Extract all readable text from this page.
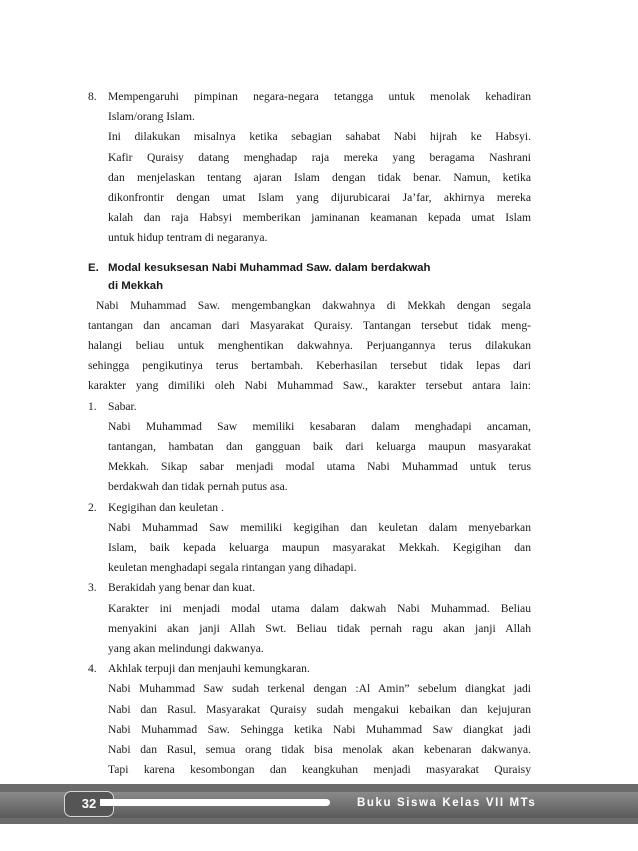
8. Mempengaruhi pimpinan negara-negara tetangga untuk menolak kehadiran
Islam/orang Islam.
Ini dilakukan misalnya ketika sebagian sahabat Nabi hijrah ke Habsyi.
Kafir Quraisy datang menghadap raja mereka yang beragama Nashrani
dan menjelaskan tentang ajaran Islam dengan tidak benar. Namun, ketika
dikonfrontir dengan umat Islam yang dijurubicarai Ja’far, akhirnya mereka
kalah dan raja Habsyi memberikan jaminanan keamanan kepada umat Islam
untuk hidup tentram di negaranya.
E. Modal kesuksesan Nabi Muhammad Saw. dalam berdakwah
di Mekkah
Nabi Muhammad Saw. mengembangkan dakwahnya di Mekkah dengan segala
tantangan dan ancaman dari Masyarakat Quraisy. Tantangan tersebut tidak meng-
halangi beliau untuk menghentikan dakwahnya. Perjuangannya terus dilakukan
sehingga pengikutinya terus bertambah. Keberhasilan tersebut tidak lepas dari
karakter yang dimiliki oleh Nabi Muhammad Saw., karakter tersebut antara lain:
1. Sabar.
Nabi Muhammad Saw memiliki kesabaran dalam menghadapi ancaman,
tantangan, hambatan dan gangguan baik dari keluarga maupun masyarakat
Mekkah. Sikap sabar menjadi modal utama Nabi Muhammad untuk terus
berdakwah dan tidak pernah putus asa.
2. Kegigihan dan keuletan .
Nabi Muhammad Saw memiliki kegigihan dan keuletan dalam menyebarkan
Islam, baik kepada keluarga maupun masyarakat Mekkah. Kegigihan dan
keuletan menghadapi segala rintangan yang dihadapi.
3. Berakidah yang benar dan kuat.
Karakter ini menjadi modal utama dalam dakwah Nabi Muhammad. Beliau
menyakini akan janji Allah Swt. Beliau tidak pernah ragu akan janji Allah
yang akan melindungi dakwanya.
4. Akhlak terpuji dan menjauhi kemungkaran.
Nabi Muhammad Saw sudah terkenal dengan :Al Amin” sebelum diangkat jadi
Nabi dan Rasul. Masyarakat Quraisy sudah mengakui kebaikan dan kejujuran
Nabi Muhammad Saw. Sehingga ketika Nabi Muhammad Saw diangkat jadi
Nabi dan Rasul, semua orang tidak bisa menolak akan kebenaran dakwanya.
Tapi karena kesombongan dan keangkuhan menjadi masyarakat Quraisy
32	Buku Siswa Kelas VII MTs
